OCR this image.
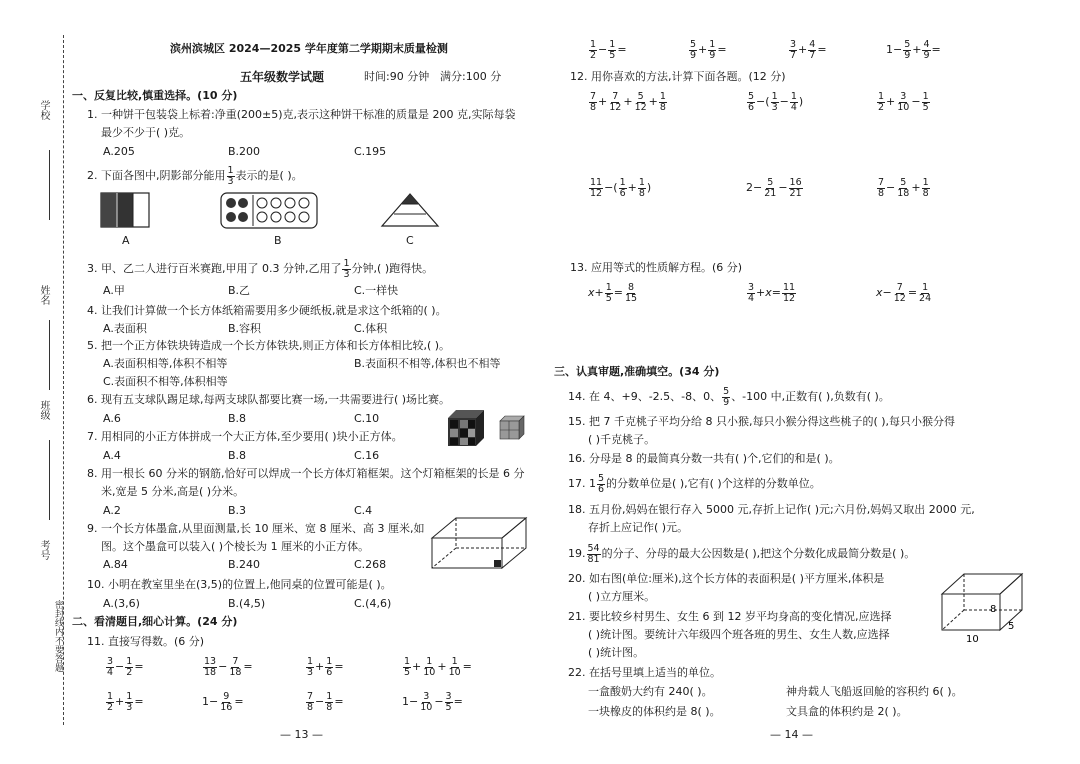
学校
姓名
班级
考号
密封线内不要答题
滨州滨城区 2024—2025 学年度第二学期期末质量检测
五年级数学试题	时间:90 分钟 满分:100 分
一、反复比较,慎重选择。(10 分)
1. 一种饼干包装袋上标着:净重(200±5)克,表示这种饼干标准的质量是 200 克,实际每袋
最少不少于( )克。
A.205	B.200	C.195
2. 下面各图中,阴影部分能用 $\frac{1}{3}$ 表示的是( )。
A	B	C
3. 甲、乙二人进行百米赛跑,甲用了 0.3 分钟,乙用了 $\frac{1}{3}$ 分钟,( )跑得快。
A.甲	B.乙	C.一样快
4. 让我们计算做一个长方体纸箱需要用多少硬纸板,就是求这个纸箱的( )。
A.表面积	B.容积	C.体积
5. 把一个正方体铁块铸造成一个长方体铁块,则正方体和长方体相比较,( )。
A.表面积相等,体积不相等	B.表面积不相等,体积也不相等
C.表面积不相等,体积相等
6. 现有五支球队踢足球,每两支球队都要比赛一场,一共需要进行( )场比赛。
A.6	B.8	C.10
7. 用相同的小正方体拼成一个大正方体,至少要用( )块小正方体。
A.4	B.8	C.16
8. 用一根长 60 分米的钢筋,恰好可以焊成一个长方体灯箱框架。这个灯箱框架的长是 6 分
米,宽是 5 分米,高是( )分米。
A.2	B.3	C.4
9. 一个长方体墨盒,从里面测量,长 10 厘米、宽 8 厘米、高 3 厘米,如
图。这个墨盒可以装入( )个棱长为 1 厘米的小正方体。
A.84	B.240	C.268
10. 小明在教室里坐在(3,5)的位置上,他同桌的位置可能是( )。
A.(3,6)	B.(4,5)	C.(4,6)
二、看清题目,细心计算。(24 分)
11. 直接写得数。(6 分)
$\frac{3}{4} - \frac{1}{2}$ =	$\frac{13}{18} - \frac{7}{18}$ =	$\frac{1}{3} + \frac{1}{6}$ =	$\frac{1}{5} + \frac{1}{10} + \frac{1}{10}$ =
$\frac{1}{2} + \frac{1}{3}$ =	$1- \frac{9}{16}$ =	$\frac{7}{8} - \frac{1}{8}$ =	$1- \frac{3}{10} - \frac{3}{5}$ =
— 13 —
$\frac{1}{2} - \frac{1}{5}$ =	$\frac{5}{9} + \frac{1}{9}$ =	$\frac{3}{7} + \frac{4}{7}$ =	$1- \frac{5}{9} + \frac{4}{9}$ =
12. 用你喜欢的方法,计算下面各题。(12 分)
$\frac{7}{8} + \frac{7}{12} + \frac{5}{12} + \frac{1}{8}$	$\frac{5}{6}$ −( $\frac{1}{3} - \frac{1}{4}$ )	$\frac{1}{2} + \frac{3}{10} - \frac{1}{5}$
$\frac{11}{12}$ −( $\frac{1}{6} + \frac{1}{8}$ )	$2- \frac{5}{21} - \frac{16}{21}$	$\frac{7}{8} - \frac{5}{18} + \frac{1}{8}$
13. 应用等式的性质解方程。(6 分)
$x+ \frac{1}{5} = \frac{8}{15}$	$\frac{3}{4} +x= \frac{11}{12}$	$x- \frac{7}{12} = \frac{1}{24}$
三、认真审题,准确填空。(34 分)
14. 在 4、+9、-2.5、-8、0、 $\frac{5}{9}$ 、-100 中,正数有( ),负数有( )。
15. 把 7 千克桃子平均分给 8 只小猴,每只小猴分得这些桃子的( ),每只小猴分得
( )千克桃子。
16. 分母是 8 的最简真分数一共有( )个,它们的和是( )。
17. $1 \frac{5}{6}$ 的分数单位是( ),它有( )个这样的分数单位。
18. 五月份,妈妈在银行存入 5000 元,存折上记作( )元;六月份,妈妈又取出 2000 元,
存折上应记作( )元。
19. $\frac{54}{81}$ 的分子、分母的最大公因数是( ),把这个分数化成最简分数是( )。
20. 如右图(单位:厘米),这个长方体的表面积是( )平方厘米,体积是
( )立方厘米。
8
5
10
21. 要比较乡村男生、女生 6 到 12 岁平均身高的变化情况,应选择
( )统计图。要统计六年级四个班各班的男生、女生人数,应选择
( )统计图。
22. 在括号里填上适当的单位。
一盒酸奶大约有 240( )。	神舟载人飞船返回舱的容积约 6( )。
一块橡皮的体积约是 8( )。	文具盒的体积约是 2( )。
— 14 —
